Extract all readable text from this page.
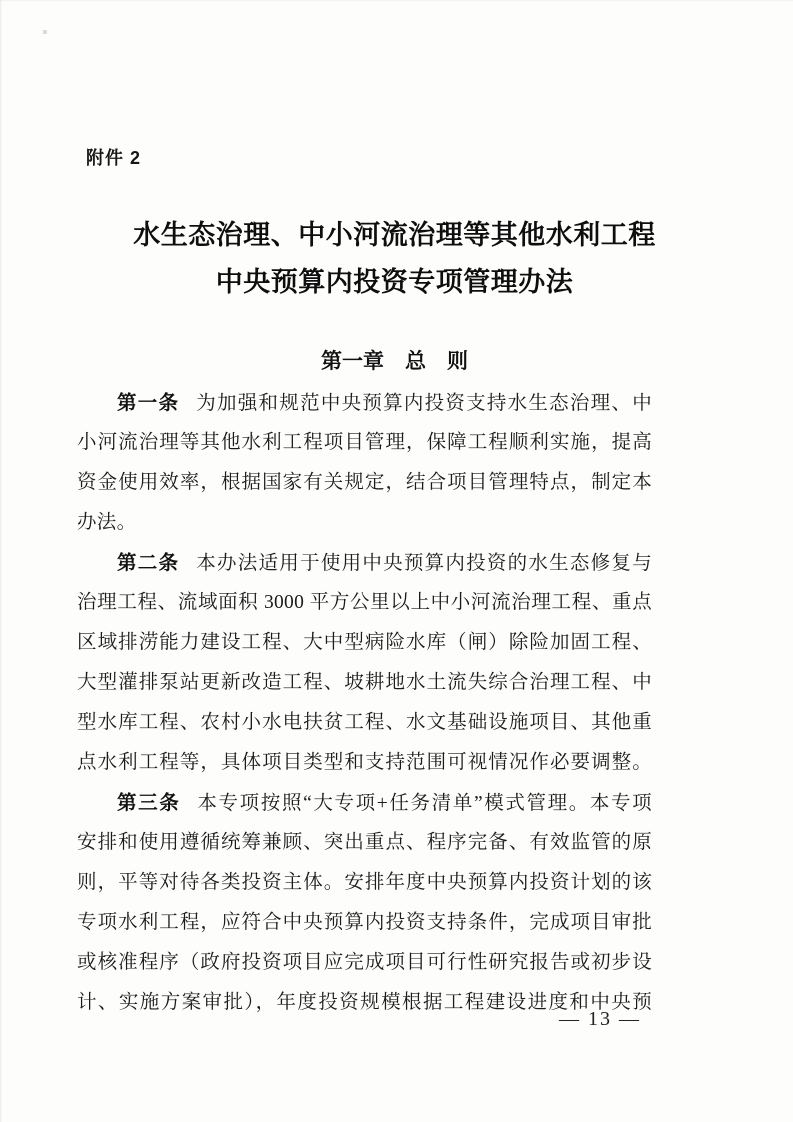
附件 2
水生态治理、中小河流治理等其他水利工程
中央预算内投资专项管理办法
第一章　总　则

第一条 为加强和规范中央预算内投资支持水生态治理、中

小河流治理等其他水利工程项目管理，保障工程顺利实施，提高

资金使用效率，根据国家有关规定，结合项目管理特点，制定本

办法。

第二条 本办法适用于使用中央预算内投资的水生态修复与

治理工程、流域面积 3000 平方公里以上中小河流治理工程、重点

区域排涝能力建设工程、大中型病险水库（闸）除险加固工程、

大型灌排泵站更新改造工程、坡耕地水土流失综合治理工程、中

型水库工程、农村小水电扶贫工程、水文基础设施项目、其他重

点水利工程等，具体项目类型和支持范围可视情况作必要调整。

第三条 本专项按照“大专项+任务清单”模式管理。本专项

安排和使用遵循统筹兼顾、突出重点、程序完备、有效监管的原

则，平等对待各类投资主体。安排年度中央预算内投资计划的该

专项水利工程，应符合中央预算内投资支持条件，完成项目审批

或核准程序（政府投资项目应完成项目可行性研究报告或初步设

计、实施方案审批），年度投资规模根据工程建设进度和中央预

— 13 —
